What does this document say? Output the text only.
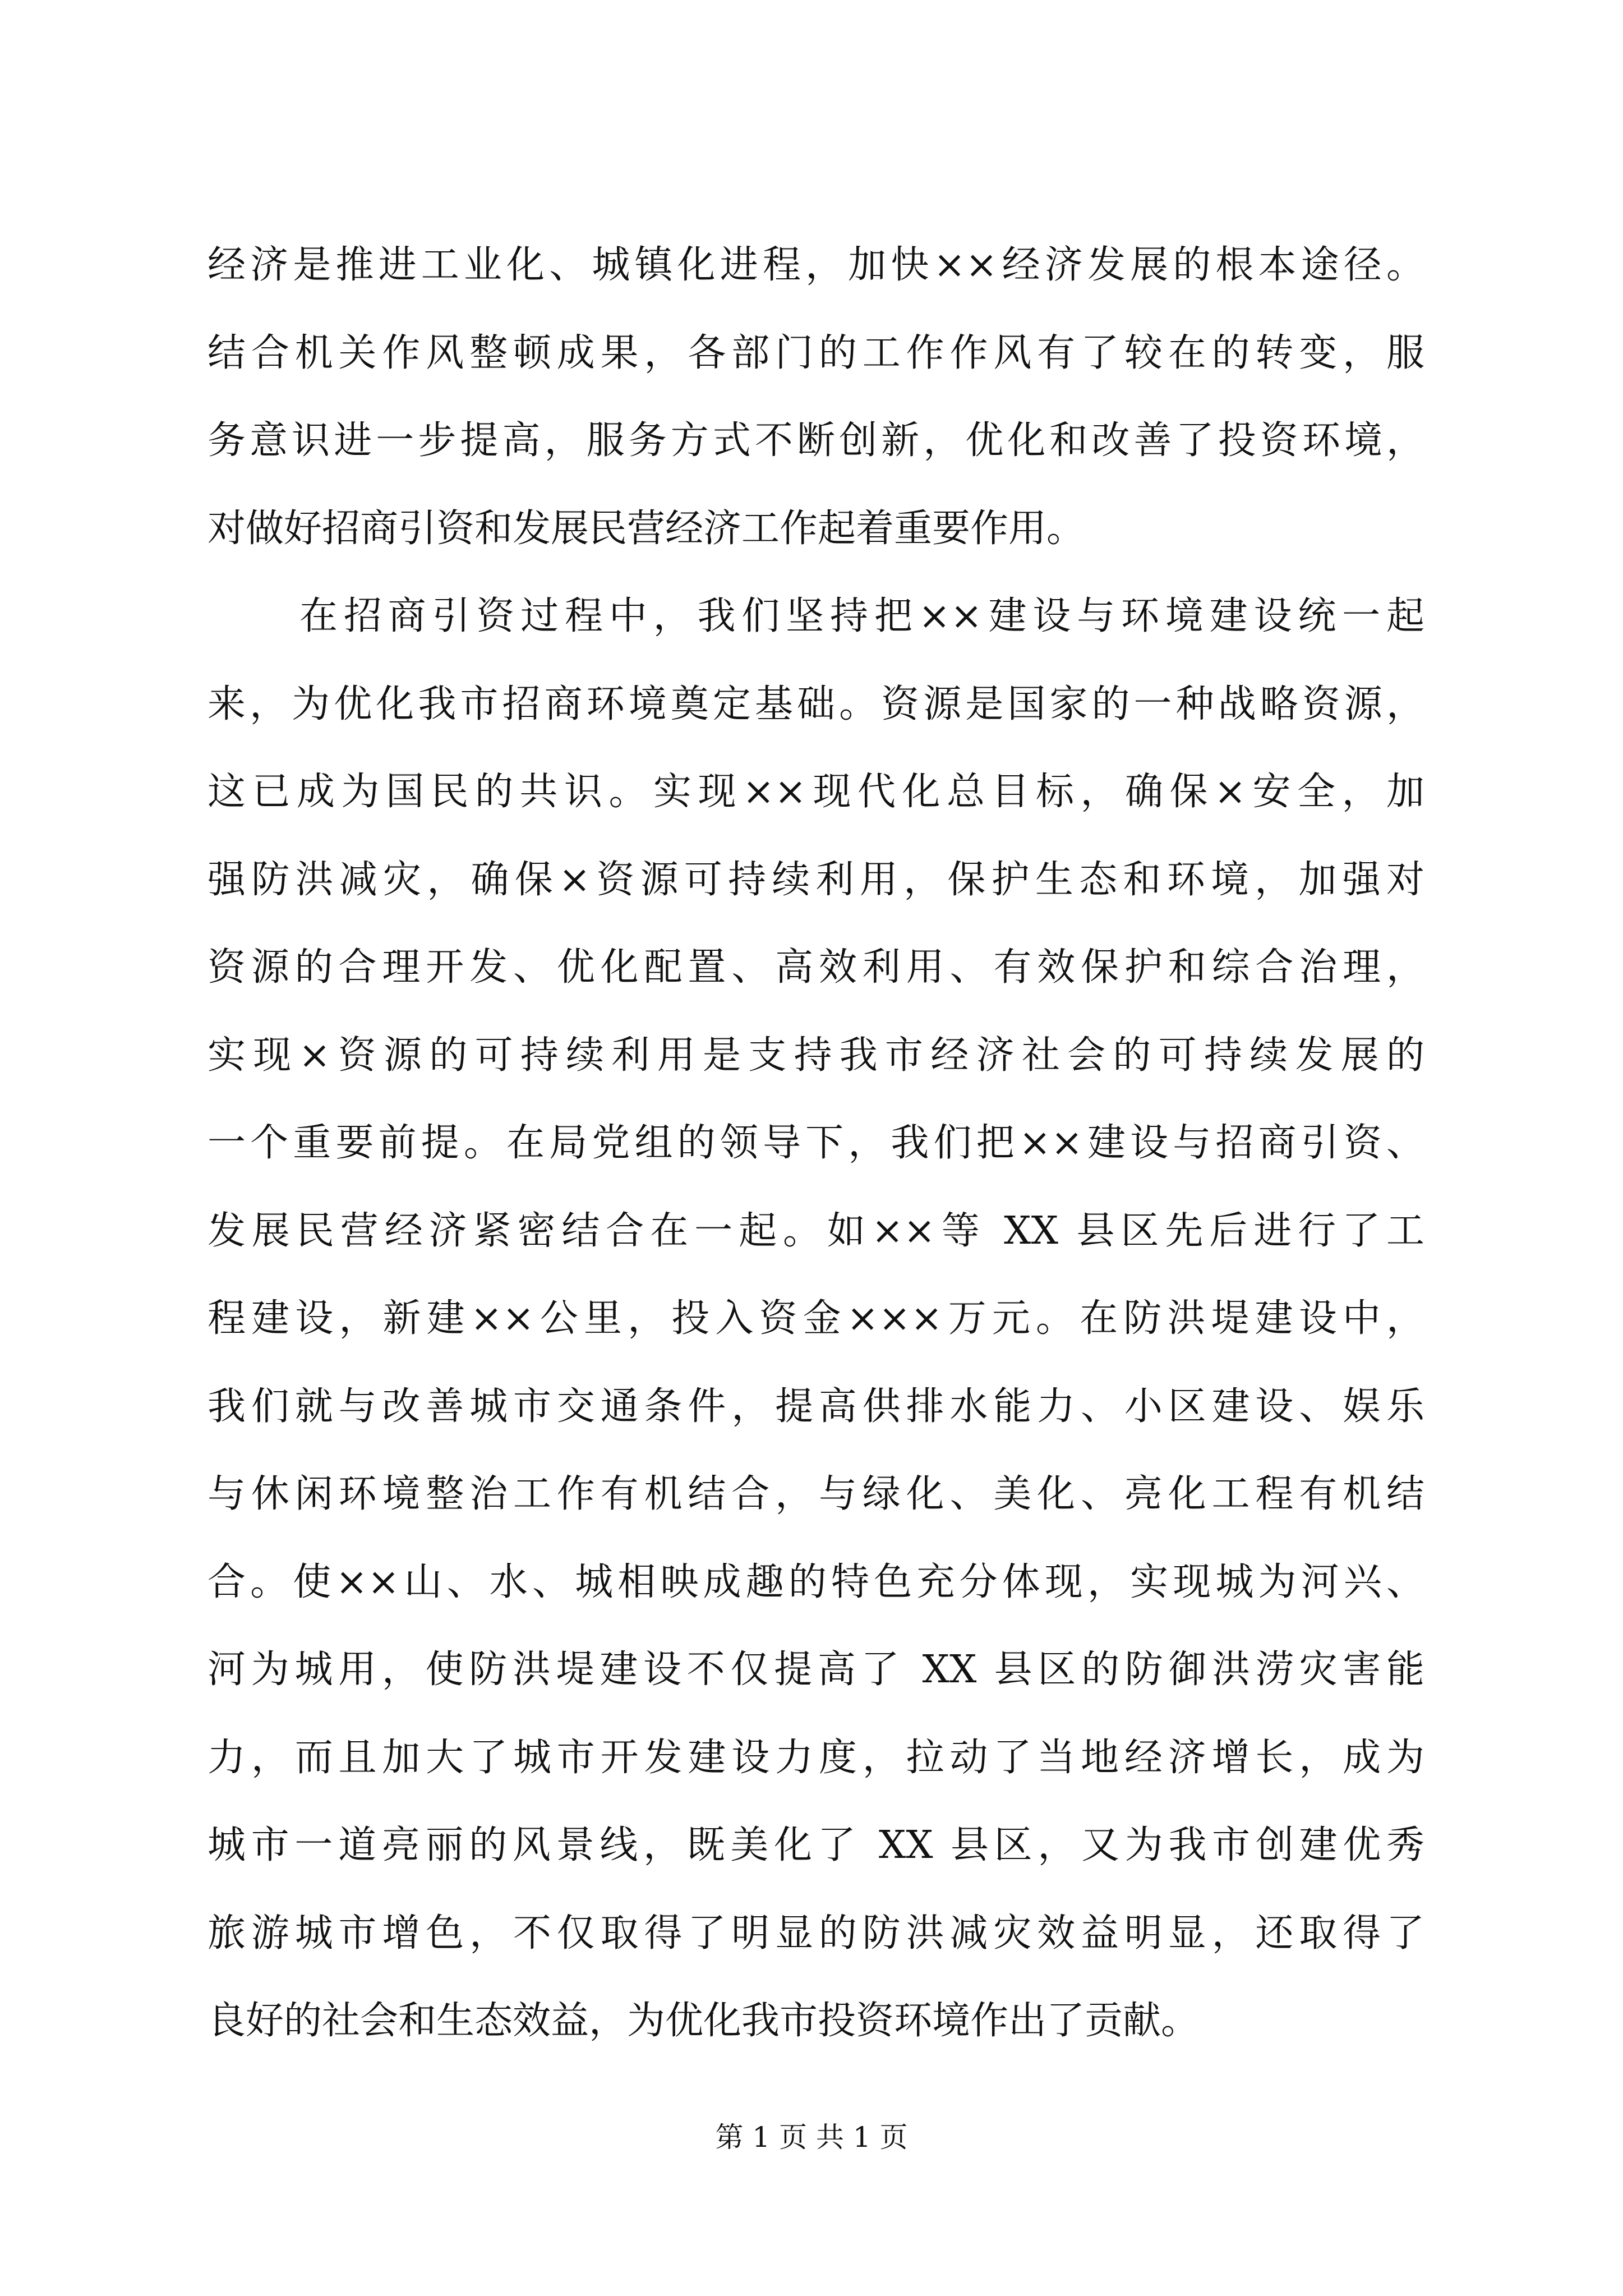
经济是推进工业化、城镇化进程，加快××经济发展的根本途径。
结合机关作风整顿成果，各部门的工作作风有了较在的转变，服
务意识进一步提高，服务方式不断创新，优化和改善了投资环境，
对做好招商引资和发展民营经济工作起着重要作用。
在招商引资过程中，我们坚持把××建设与环境建设统一起
来，为优化我市招商环境奠定基础。资源是国家的一种战略资源，
这已成为国民的共识。实现××现代化总目标，确保×安全，加
强防洪减灾，确保×资源可持续利用，保护生态和环境，加强对
资源的合理开发、优化配置、高效利用、有效保护和综合治理，
实现×资源的可持续利用是支持我市经济社会的可持续发展的
一个重要前提。在局党组的领导下，我们把××建设与招商引资、
发展民营经济紧密结合在一起。如××等 XX 县区先后进行了工
程建设，新建××公里，投入资金×××万元。在防洪堤建设中，
我们就与改善城市交通条件，提高供排水能力、小区建设、娱乐
与休闲环境整治工作有机结合，与绿化、美化、亮化工程有机结
合。使××山、水、城相映成趣的特色充分体现，实现城为河兴、
河为城用，使防洪堤建设不仅提高了 XX 县区的防御洪涝灾害能
力，而且加大了城市开发建设力度，拉动了当地经济增长，成为
城市一道亮丽的风景线，既美化了 XX 县区，又为我市创建优秀
旅游城市增色，不仅取得了明显的防洪减灾效益明显，还取得了
良好的社会和生态效益，为优化我市投资环境作出了贡献。
第 1 页 共 1 页
